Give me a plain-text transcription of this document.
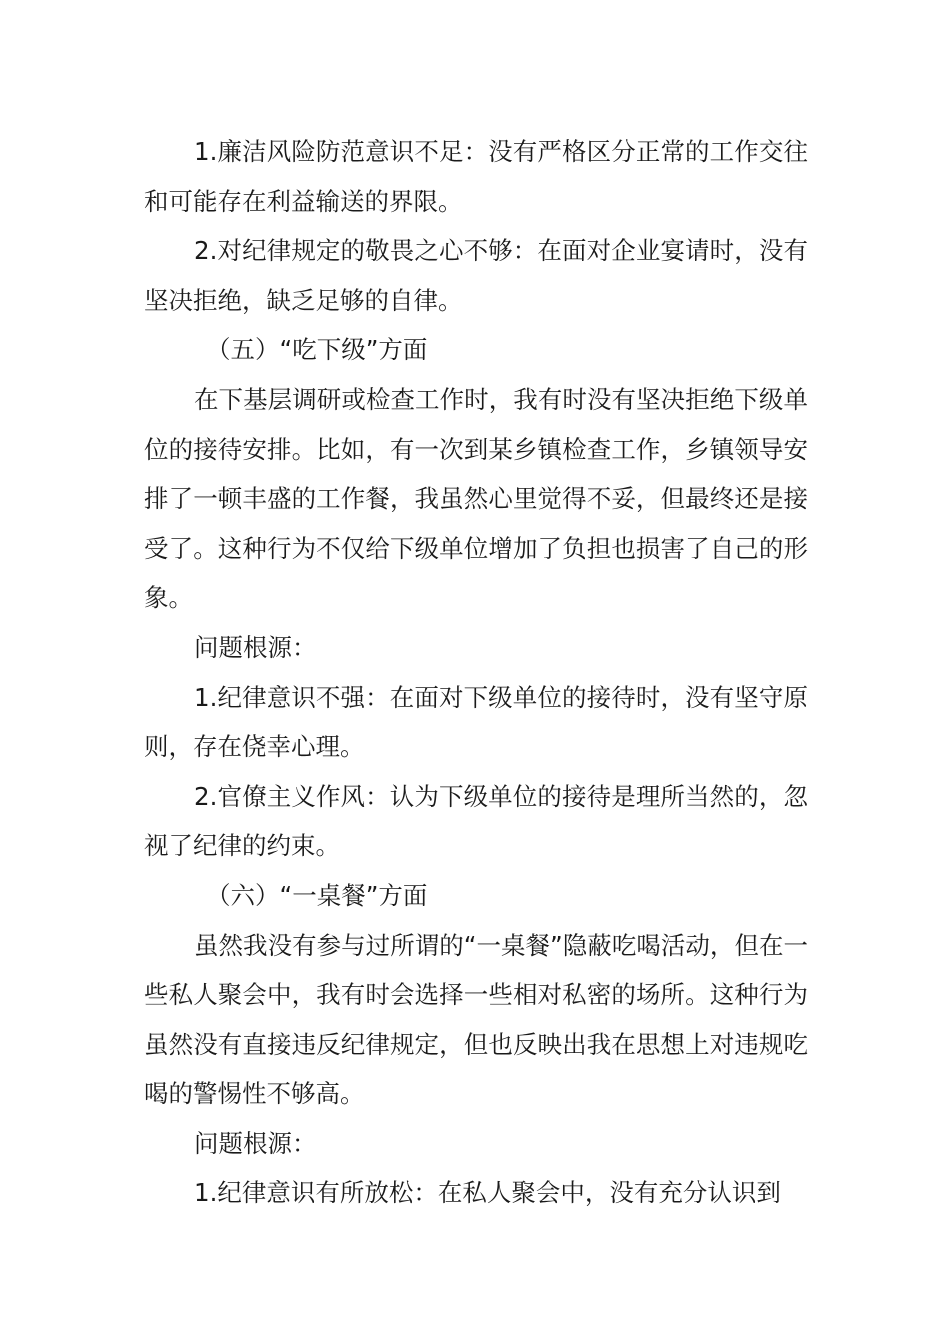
1.廉洁风险防范意识不足：没有严格区分正常的工作交往和可能存在利益输送的界限。

2.对纪律规定的敬畏之心不够：在面对企业宴请时，没有坚决拒绝，缺乏足够的自律。

（五）“吃下级”方面

在下基层调研或检查工作时，我有时没有坚决拒绝下级单位的接待安排。比如，有一次到某乡镇检查工作，乡镇领导安排了一顿丰盛的工作餐，我虽然心里觉得不妥，但最终还是接受了。这种行为不仅给下级单位增加了负担也损害了自己的形象。

问题根源：

1.纪律意识不强：在面对下级单位的接待时，没有坚守原则，存在侥幸心理。

2.官僚主义作风：认为下级单位的接待是理所当然的，忽视了纪律的约束。

（六）“一桌餐”方面

虽然我没有参与过所谓的“一桌餐”隐蔽吃喝活动，但在一些私人聚会中，我有时会选择一些相对私密的场所。这种行为虽然没有直接违反纪律规定，但也反映出我在思想上对违规吃喝的警惕性不够高。

问题根源：

1.纪律意识有所放松：在私人聚会中，没有充分认识到
